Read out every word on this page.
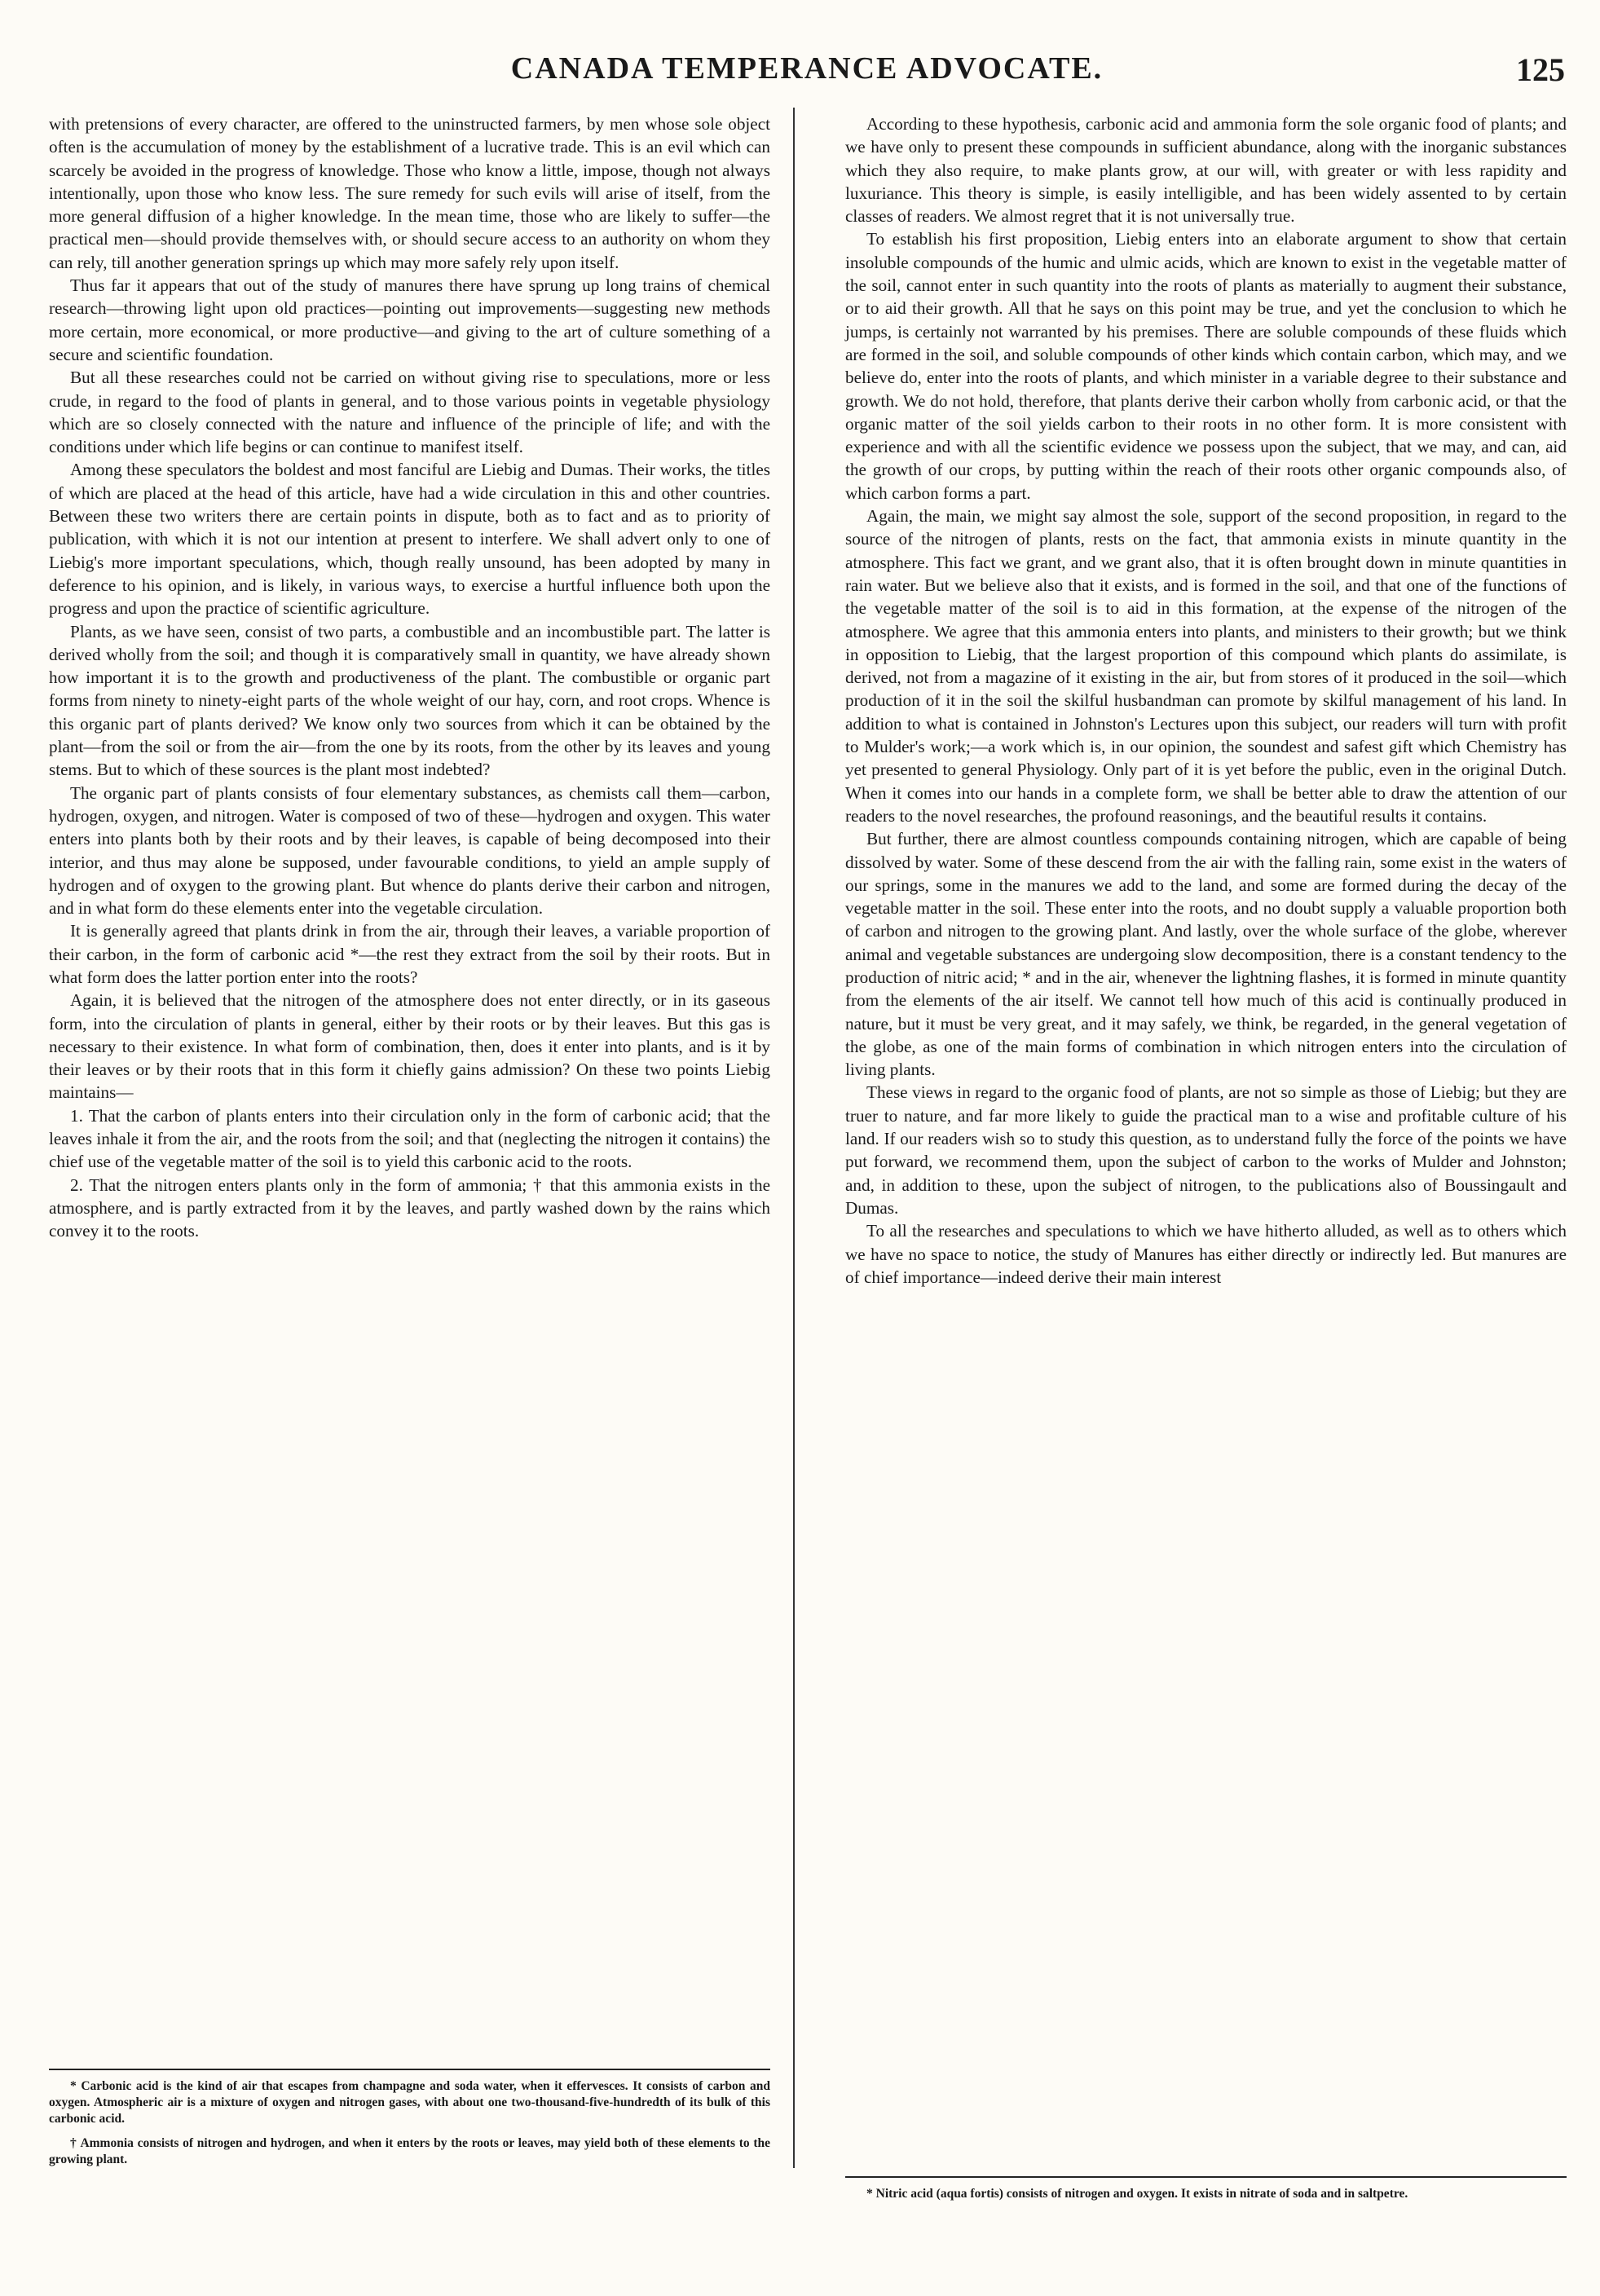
CANADA TEMPERANCE ADVOCATE.	125

with pretensions of every character, are offered to the uninstructed farmers, by men whose sole object often is the accumulation of money by the establishment of a lucrative trade. This is an evil which can scarcely be avoided in the progress of knowledge. Those who know a little, impose, though not always intentionally, upon those who know less. The sure remedy for such evils will arise of itself, from the more general diffusion of a higher knowledge. In the mean time, those who are likely to suffer—the practical men—should provide themselves with, or should secure access to an authority on whom they can rely, till another generation springs up which may more safely rely upon itself.

Thus far it appears that out of the study of manures there have sprung up long trains of chemical research—throwing light upon old practices—pointing out improvements—suggesting new methods more certain, more economical, or more productive—and giving to the art of culture something of a secure and scientific foundation.

But all these researches could not be carried on without giving rise to speculations, more or less crude, in regard to the food of plants in general, and to those various points in vegetable physiology which are so closely connected with the nature and influence of the principle of life; and with the conditions under which life begins or can continue to manifest itself.

Among these speculators the boldest and most fanciful are Liebig and Dumas. Their works, the titles of which are placed at the head of this article, have had a wide circulation in this and other countries. Between these two writers there are certain points in dispute, both as to fact and as to priority of publication, with which it is not our intention at present to interfere. We shall advert only to one of Liebig's more important speculations, which, though really unsound, has been adopted by many in deference to his opinion, and is likely, in various ways, to exercise a hurtful influence both upon the progress and upon the practice of scientific agriculture.

Plants, as we have seen, consist of two parts, a combustible and an incombustible part. The latter is derived wholly from the soil; and though it is comparatively small in quantity, we have already shown how important it is to the growth and productiveness of the plant. The combustible or organic part forms from ninety to ninety-eight parts of the whole weight of our hay, corn, and root crops. Whence is this organic part of plants derived? We know only two sources from which it can be obtained by the plant—from the soil or from the air—from the one by its roots, from the other by its leaves and young stems. But to which of these sources is the plant most indebted?

The organic part of plants consists of four elementary substances, as chemists call them—carbon, hydrogen, oxygen, and nitrogen. Water is composed of two of these—hydrogen and oxygen. This water enters into plants both by their roots and by their leaves, is capable of being decomposed into their interior, and thus may alone be supposed, under favourable conditions, to yield an ample supply of hydrogen and of oxygen to the growing plant. But whence do plants derive their carbon and nitrogen, and in what form do these elements enter into the vegetable circulation.

It is generally agreed that plants drink in from the air, through their leaves, a variable proportion of their carbon, in the form of carbonic acid *—the rest they extract from the soil by their roots. But in what form does the latter portion enter into the roots?

Again, it is believed that the nitrogen of the atmosphere does not enter directly, or in its gaseous form, into the circulation of plants in general, either by their roots or by their leaves. But this gas is necessary to their existence. In what form of combination, then, does it enter into plants, and is it by their leaves or by their roots that in this form it chiefly gains admission? On these two points Liebig maintains—

1. That the carbon of plants enters into their circulation only in the form of carbonic acid; that the leaves inhale it from the air, and the roots from the soil; and that (neglecting the nitrogen it contains) the chief use of the vegetable matter of the soil is to yield this carbonic acid to the roots.

2. That the nitrogen enters plants only in the form of ammonia; † that this ammonia exists in the atmosphere, and is partly extracted from it by the leaves, and partly washed down by the rains which convey it to the roots.

According to these hypothesis, carbonic acid and ammonia form the sole organic food of plants; and we have only to present these compounds in sufficient abundance, along with the inorganic substances which they also require, to make plants grow, at our will, with greater or with less rapidity and luxuriance. This theory is simple, is easily intelligible, and has been widely assented to by certain classes of readers. We almost regret that it is not universally true.

To establish his first proposition, Liebig enters into an elaborate argument to show that certain insoluble compounds of the humic and ulmic acids, which are known to exist in the vegetable matter of the soil, cannot enter in such quantity into the roots of plants as materially to augment their substance, or to aid their growth. All that he says on this point may be true, and yet the conclusion to which he jumps, is certainly not warranted by his premises. There are soluble compounds of these fluids which are formed in the soil, and soluble compounds of other kinds which contain carbon, which may, and we believe do, enter into the roots of plants, and which minister in a variable degree to their substance and growth. We do not hold, therefore, that plants derive their carbon wholly from carbonic acid, or that the organic matter of the soil yields carbon to their roots in no other form. It is more consistent with experience and with all the scientific evidence we possess upon the subject, that we may, and can, aid the growth of our crops, by putting within the reach of their roots other organic compounds also, of which carbon forms a part.

Again, the main, we might say almost the sole, support of the second proposition, in regard to the source of the nitrogen of plants, rests on the fact, that ammonia exists in minute quantity in the atmosphere. This fact we grant, and we grant also, that it is often brought down in minute quantities in rain water. But we believe also that it exists, and is formed in the soil, and that one of the functions of the vegetable matter of the soil is to aid in this formation, at the expense of the nitrogen of the atmosphere. We agree that this ammonia enters into plants, and ministers to their growth; but we think in opposition to Liebig, that the largest proportion of this compound which plants do assimilate, is derived, not from a magazine of it existing in the air, but from stores of it produced in the soil—which production of it in the soil the skilful husbandman can promote by skilful management of his land. In addition to what is contained in Johnston's Lectures upon this subject, our readers will turn with profit to Mulder's work;—a work which is, in our opinion, the soundest and safest gift which Chemistry has yet presented to general Physiology. Only part of it is yet before the public, even in the original Dutch. When it comes into our hands in a complete form, we shall be better able to draw the attention of our readers to the novel researches, the profound reasonings, and the beautiful results it contains.

But further, there are almost countless compounds containing nitrogen, which are capable of being dissolved by water. Some of these descend from the air with the falling rain, some exist in the waters of our springs, some in the manures we add to the land, and some are formed during the decay of the vegetable matter in the soil. These enter into the roots, and no doubt supply a valuable proportion both of carbon and nitrogen to the growing plant. And lastly, over the whole surface of the globe, wherever animal and vegetable substances are undergoing slow decomposition, there is a constant tendency to the production of nitric acid; * and in the air, whenever the lightning flashes, it is formed in minute quantity from the elements of the air itself. We cannot tell how much of this acid is continually produced in nature, but it must be very great, and it may safely, we think, be regarded, in the general vegetation of the globe, as one of the main forms of combination in which nitrogen enters into the circulation of living plants.

These views in regard to the organic food of plants, are not so simple as those of Liebig; but they are truer to nature, and far more likely to guide the practical man to a wise and profitable culture of his land. If our readers wish so to study this question, as to understand fully the force of the points we have put forward, we recommend them, upon the subject of carbon to the works of Mulder and Johnston; and, in addition to these, upon the subject of nitrogen, to the publications also of Boussingault and Dumas.

To all the researches and speculations to which we have hitherto alluded, as well as to others which we have no space to notice, the study of Manures has either directly or indirectly led. But manures are of chief importance—indeed derive their main interest

* Carbonic acid is the kind of air that escapes from champagne and soda water, when it effervesces. It consists of carbon and oxygen. Atmospheric air is a mixture of oxygen and nitrogen gases, with about one two-thousand-five-hundredth of its bulk of this carbonic acid.

† Ammonia consists of nitrogen and hydrogen, and when it enters by the roots or leaves, may yield both of these elements to the growing plant.

* Nitric acid (aqua fortis) consists of nitrogen and oxygen. It exists in nitrate of soda and in saltpetre.
